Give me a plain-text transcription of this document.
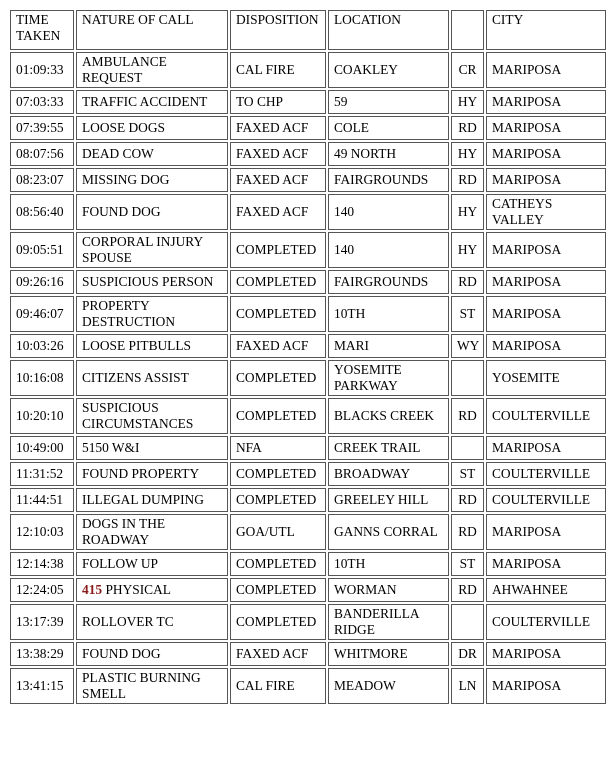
TIME TAKEN	NATURE OF CALL	DISPOSITION	LOCATION		CITY
01:09:33	AMBULANCE REQUEST	CAL FIRE	COAKLEY	CR	MARIPOSA
07:03:33	TRAFFIC ACCIDENT	TO CHP	59	HY	MARIPOSA
07:39:55	LOOSE DOGS	FAXED ACF	COLE	RD	MARIPOSA
08:07:56	DEAD COW	FAXED ACF	49 NORTH	HY	MARIPOSA
08:23:07	MISSING DOG	FAXED ACF	FAIRGROUNDS	RD	MARIPOSA
08:56:40	FOUND DOG	FAXED ACF	140	HY	CATHEYS VALLEY
09:05:51	CORPORAL INJURY SPOUSE	COMPLETED	140	HY	MARIPOSA
09:26:16	SUSPICIOUS PERSON	COMPLETED	FAIRGROUNDS	RD	MARIPOSA
09:46:07	PROPERTY DESTRUCTION	COMPLETED	10TH	ST	MARIPOSA
10:03:26	LOOSE PITBULLS	FAXED ACF	MARI	WY	MARIPOSA
10:16:08	CITIZENS ASSIST	COMPLETED	YOSEMITE PARKWAY		YOSEMITE
10:20:10	SUSPICIOUS CIRCUMSTANCES	COMPLETED	BLACKS CREEK	RD	COULTERVILLE
10:49:00	5150 W&I	NFA	CREEK TRAIL		MARIPOSA
11:31:52	FOUND PROPERTY	COMPLETED	BROADWAY	ST	COULTERVILLE
11:44:51	ILLEGAL DUMPING	COMPLETED	GREELEY HILL	RD	COULTERVILLE
12:10:03	DOGS IN THE ROADWAY	GOA/UTL	GANNS CORRAL	RD	MARIPOSA
12:14:38	FOLLOW UP	COMPLETED	10TH	ST	MARIPOSA
12:24:05	415 PHYSICAL	COMPLETED	WORMAN	RD	AHWAHNEE
13:17:39	ROLLOVER TC	COMPLETED	BANDERILLA RIDGE		COULTERVILLE
13:38:29	FOUND DOG	FAXED ACF	WHITMORE	DR	MARIPOSA
13:41:15	PLASTIC BURNING SMELL	CAL FIRE	MEADOW	LN	MARIPOSA
